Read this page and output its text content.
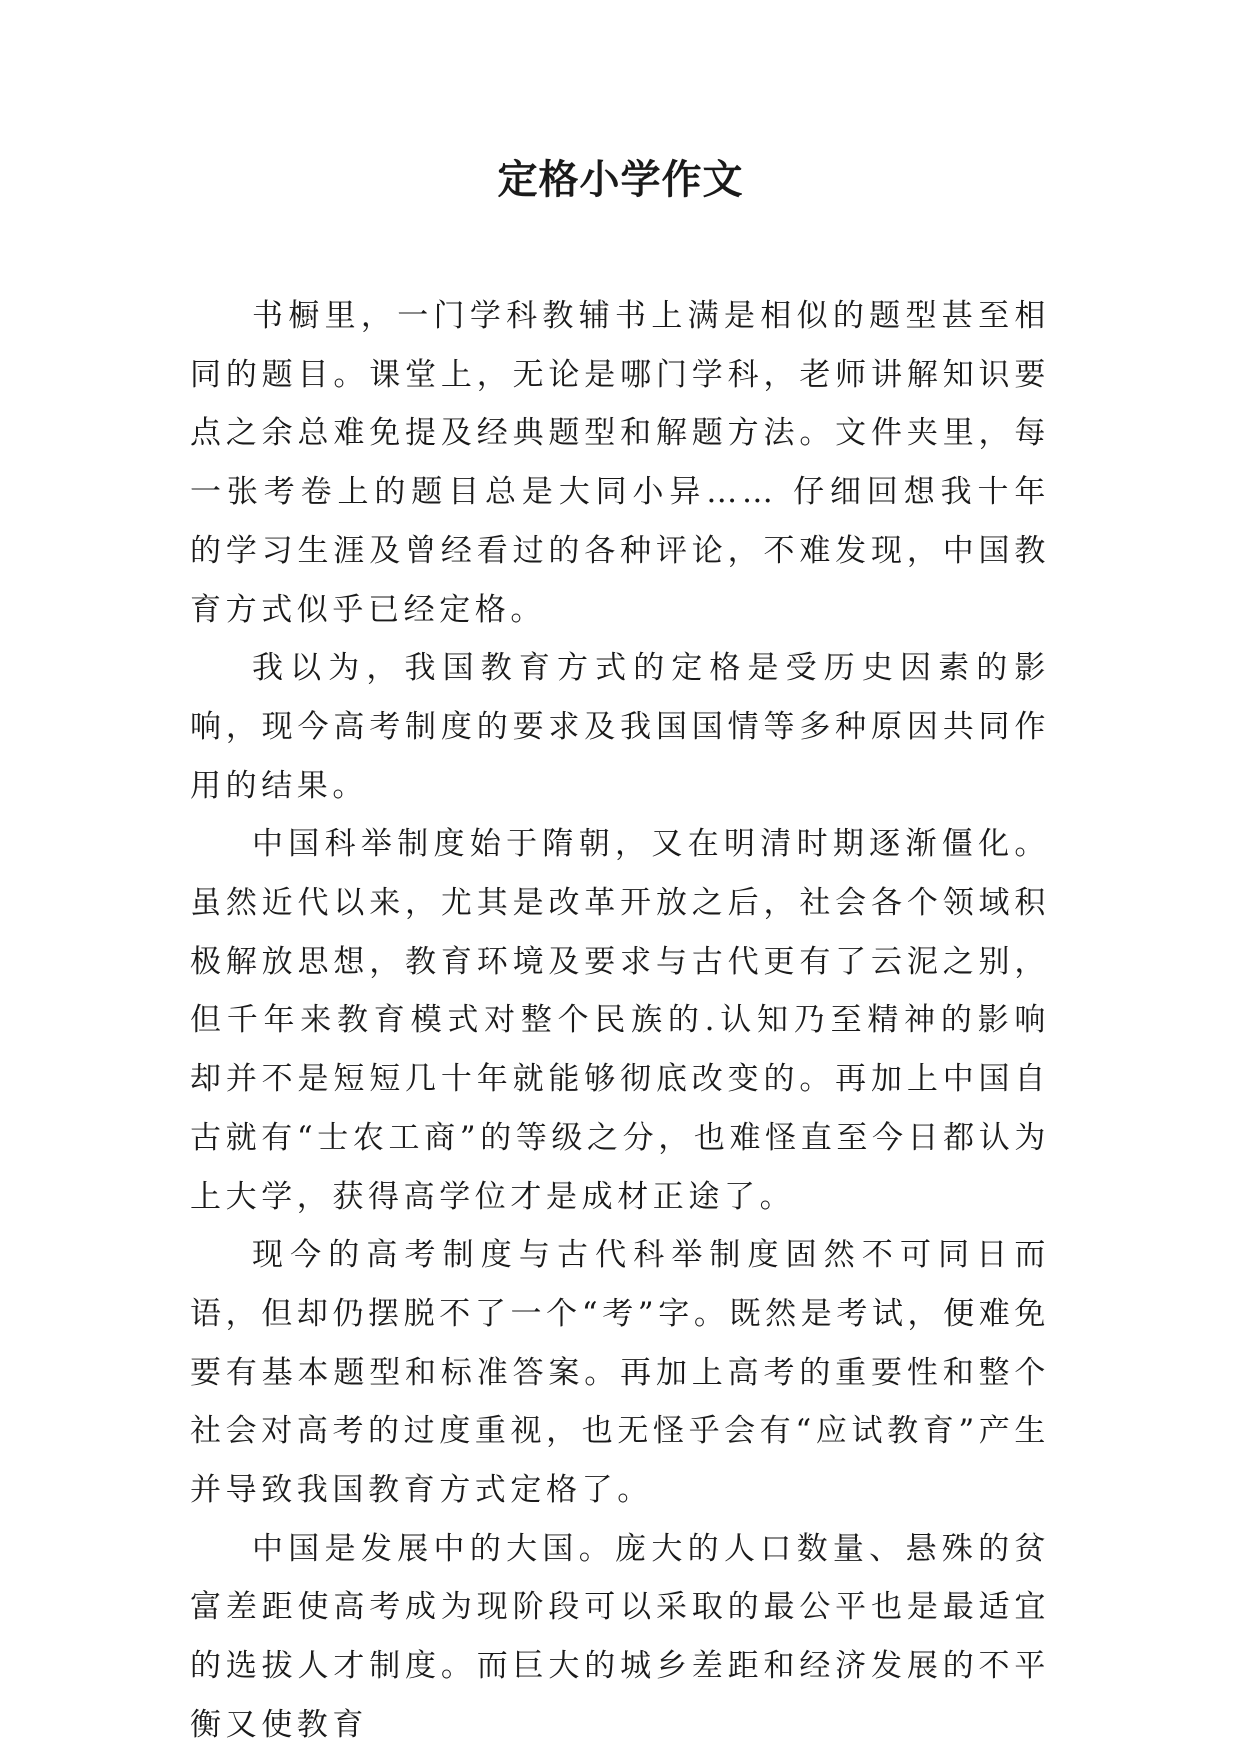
定格小学作文

书橱里，一门学科教辅书上满是相似的题型甚至相同的题目。课堂上，无论是哪门学科，老师讲解知识要点之余总难免提及经典题型和解题方法。文件夹里，每一张考卷上的题目总是大同小异…… 仔细回想我十年的学习生涯及曾经看过的各种评论，不难发现，中国教育方式似乎已经定格。

我以为，我国教育方式的定格是受历史因素的影响，现今高考制度的要求及我国国情等多种原因共同作用的结果。

中国科举制度始于隋朝，又在明清时期逐渐僵化。虽然近代以来，尤其是改革开放之后，社会各个领域积极解放思想，教育环境及要求与古代更有了云泥之别，但千年来教育模式对整个民族的.认知乃至精神的影响却并不是短短几十年就能够彻底改变的。再加上中国自古就有“士农工商”的等级之分，也难怪直至今日都认为上大学，获得高学位才是成材正途了。

现今的高考制度与古代科举制度固然不可同日而语，但却仍摆脱不了一个“考”字。既然是考试，便难免要有基本题型和标准答案。再加上高考的重要性和整个社会对高考的过度重视，也无怪乎会有“应试教育”产生并导致我国教育方式定格了。

中国是发展中的大国。庞大的人口数量、悬殊的贫富差距使高考成为现阶段可以采取的最公平也是最适宜的选拔人才制度。而巨大的城乡差距和经济发展的不平衡又使教育
